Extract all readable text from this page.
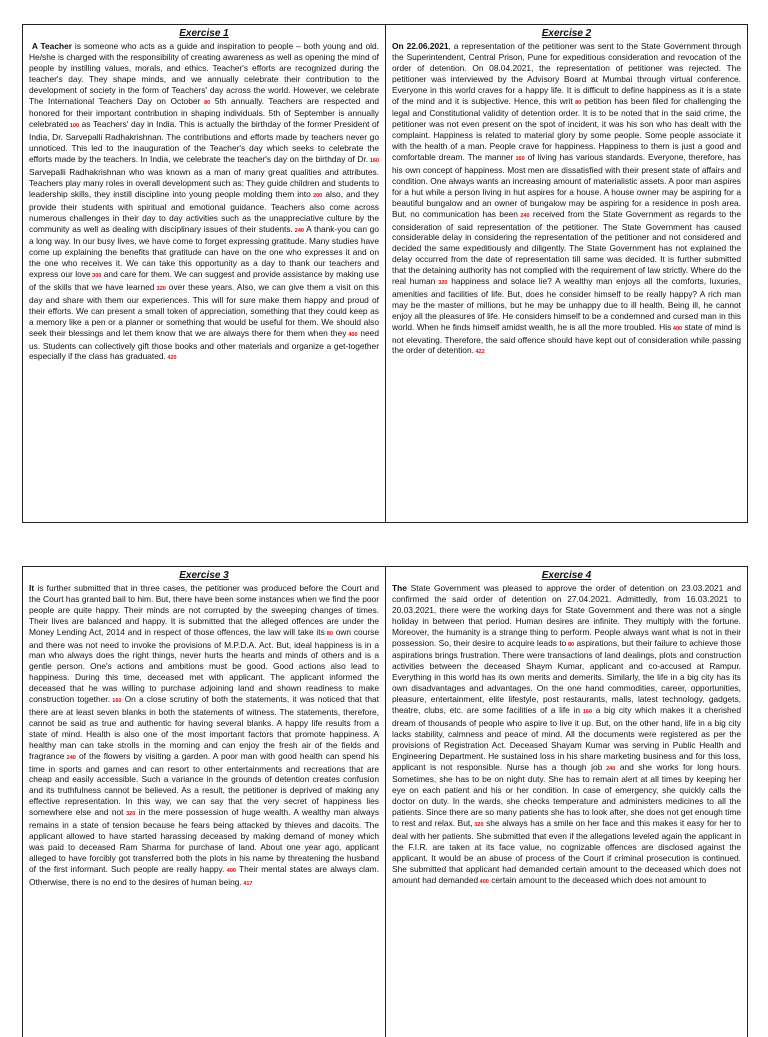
Exercise 1

A Teacher is someone who acts as a guide and inspiration to people – both young and old. He/she is charged with the responsibility of creating awareness as well as opening the mind of people by instilling values, morals, and ethics. Teacher's efforts are recognized during the teacher's day. They shape minds, and we annually celebrate their contribution to the development of society in the form of Teachers' day across the world. However, we celebrate The International Teachers Day on October 80 5th annually. Teachers are respected and honored for their important contribution in shaping individuals. 5th of September is annually celebrated 100 as Teachers' day in India. This is actually the birthday of the former President of India, Dr. Sarvepalli Radhakrishnan. The contributions and efforts made by teachers never go unnoticed. This led to the inauguration of the Teacher's day which seeks to celebrate the efforts made by the teachers. In India, we celebrate the teacher's day on the birthday of Dr. 160 Sarvepalli Radhakrishnan who was known as a man of many great qualities and attributes. Teachers play many roles in overall development such as: They guide children and students to leadership skills, they instill discipline into young people molding them into 200 also, and they provide their students with spiritual and emotional guidance. Teachers also come across numerous challenges in their day to day activities such as the unappreciative culture by the community as well as dealing with disciplinary issues of their students. 240 A thank-you can go a long way. In our busy lives, we have come to forget expressing gratitude. Many studies have come up explaining the benefits that gratitude can have on the one who expresses it and on the one who receives it. We can take this opportunity as a day to thank our teachers and express our love 300 and care for them. We can suggest and provide assistance by making use of the skills that we have learned 320 over these years. Also, we can give them a visit on this day and share with them our experiences. This will for sure make them happy and proud of their efforts. We can present a small token of appreciation, something that they could keep as a memory like a pen or a planner or something that would be useful for them. We should also seek their blessings and let them know that we are always there for them when they 400 need us. Students can collectively gift those books and other materials and organize a get-together especially if the class has graduated. 420

Exercise 2

On 22.06.2021, a representation of the petitioner was sent to the State Government through the Superintendent, Central Prison, Pune for expeditious consideration and revocation of the order of detention. On 08.04.2021, the representation of petitioner was rejected. The petitioner was interviewed by the Advisory Board at Mumbai through virtual conference. Everyone in this world craves for a happy life. It is difficult to define happiness as it is a state of the mind and it is subjective. Hence, this writ 80 petition has been filed for challenging the legal and Constitutional validity of detention order. It is to be noted that in the said crime, the petitioner was not even present on the spot of incident, it was his son who has dealt with the complaint. Happiness is related to material glory by some people. Some people associate it with the health of a man. People crave for happiness. Happiness to them is just a good and comfortable dream. The manner 160 of living has various standards. Everyone, therefore, has his own concept of happiness. Most men are dissatisfied with their present state of affairs and condition. One always wants an increasing amount of materialistic assets. A poor man aspires for a hut while a person living in hut aspires for a house. A house owner may be aspiring for a beautiful bungalow and an owner of bungalow may be aspiring for a residence in posh area. But, no communication has been 240 received from the State Government as regards to the consideration of said representation of the petitioner. The State Government has caused considerable delay in considering the representation of the petitioner and not considered and decided the same expeditiously and diligently. The State Government has not explained the delay occurred from the date of representation till same was decided. It is further submitted that the detaining authority has not complied with the requirement of law strictly. Where do the real human 320 happiness and solace lie? A wealthy man enjoys all the comforts, luxuries, amenities and facilities of life. But, does he consider himself to be really happy? A rich man may be the master of millions, but he may be unhappy due to ill health. Being ill, he cannot enjoy all the pleasures of life. He considers himself to be a condemned and cursed man in this world. When he finds himself amidst wealth, he is all the more troubled. His 400 state of mind is not elevating. Therefore, the said offence should have kept out of consideration while passing the order of detention. 422

Exercise 3

It is further submitted that in three cases, the petitioner was produced before the Court and the Court has granted bail to him. But, there have been some instances when we find the poor people are quite happy. Their minds are not corrupted by the sweeping changes of times. Their lives are balanced and happy. It is submitted that the alleged offences are under the Money Lending Act, 2014 and in respect of those offences, the law will take its 80 own course and there was not need to invoke the provisions of M.P.D.A. Act. But, ideal happiness is in a man who always does the right things, never hurts the hearts and minds of others and is a gentle person. One's actions and ambitions must be good. Good actions also lead to happiness. During this time, deceased met with applicant. The applicant informed the deceased that he was willing to purchase adjoining land and shown readiness to make construction together. 160 On a close scrutiny of both the statements, it was noticed that that there are at least seven blanks in both the statements of witness. The statements, therefore, cannot be said as true and authentic for having several blanks. A happy life results from a state of mind. Health is also one of the most important factors that promote happiness. A healthy man can take strolls in the morning and can enjoy the fresh air of the fields and fragrance 240 of the flowers by visiting a garden. A poor man with good health can spend his time in sports and games and can resort to other entertainments and recreations that are cheap and easily accessible. Such a variance in the grounds of detention creates confusion and its truthfulness cannot be believed. As a result, the petitioner is deprived of making any effective representation. In this way, we can say that the very secret of happiness lies somewhere else and not 320 in the mere possession of huge wealth. A wealthy man always remains in a state of tension because he fears being attacked by thieves and dacoits. The applicant allowed to have started harassing deceased by making demand of money which was paid to deceased Ram Sharma for purchase of land. About one year ago, applicant alleged to have forcibly got transferred both the plots in his name by threatening the husband of the first informant. Such people are really happy. 400 Their mental states are always clam. Otherwise, there is no end to the desires of human being. 417

Exercise 4

The State Government was pleased to approve the order of detention on 23.03.2021 and confirmed the said order of detention on 27.04.2021. Admittedly, from 16.03.2021 to 20.03.2021, there were the working days for State Government and there was not a single holiday in between that period. Human desires are infinite. They multiply with the fortune. Moreover, the humanity is a strange thing to perform. People always want what is not in their possession. So, their desire to acquire leads to 80 aspirations, but their failure to achieve those aspirations brings frustration. There were transactions of land dealings, plots and construction activities between the deceased Shaym Kumar, applicant and co-accused at Rampur. Everything in this world has its own merits and demerits. Similarly, the life in a big city has its own disadvantages and advantages. On the one hand commodities, career, opportunities, pleasure, entertainment, elite lifestyle, post restaurants, malls, latest technology, gadgets, theatre, clubs, etc. are some facilities of a life in 160 a big city which makes it a cherished dream of thousands of people who aspire to live it up. But, on the other hand, life in a big city lacks stability, calmness and peace of mind. All the documents were registered as per the provisions of Registration Act. Deceased Shayam Kumar was serving in Public Health and Engineering Department. He sustained loss in his share marketing business and for this loss, applicant is not responsible. Nurse has a though job 240 and she works for long hours. Sometimes, she has to be on night duty. She has to remain alert at all times by keeping her eye on each patient and his or her condition. In case of emergency, she quickly calls the doctor on duty. In the wards, she checks temperature and administers medicines to all the patients. Since there are so many patients she has to look after, she does not get enough time to rest and relax. But, 320 she always has a smile on her face and this makes it easy for her to deal with her patients. She submitted that even if the allegations leveled again the applicant in the F.I.R. are taken at its face value, no cognizable offences are disclosed against the applicant. It would be an abuse of process of the Court if criminal prosecution is continued. She submitted that applicant had demanded certain amount to the deceased which does not amount had demanded 400 certain amount to the deceased which does not amount to
